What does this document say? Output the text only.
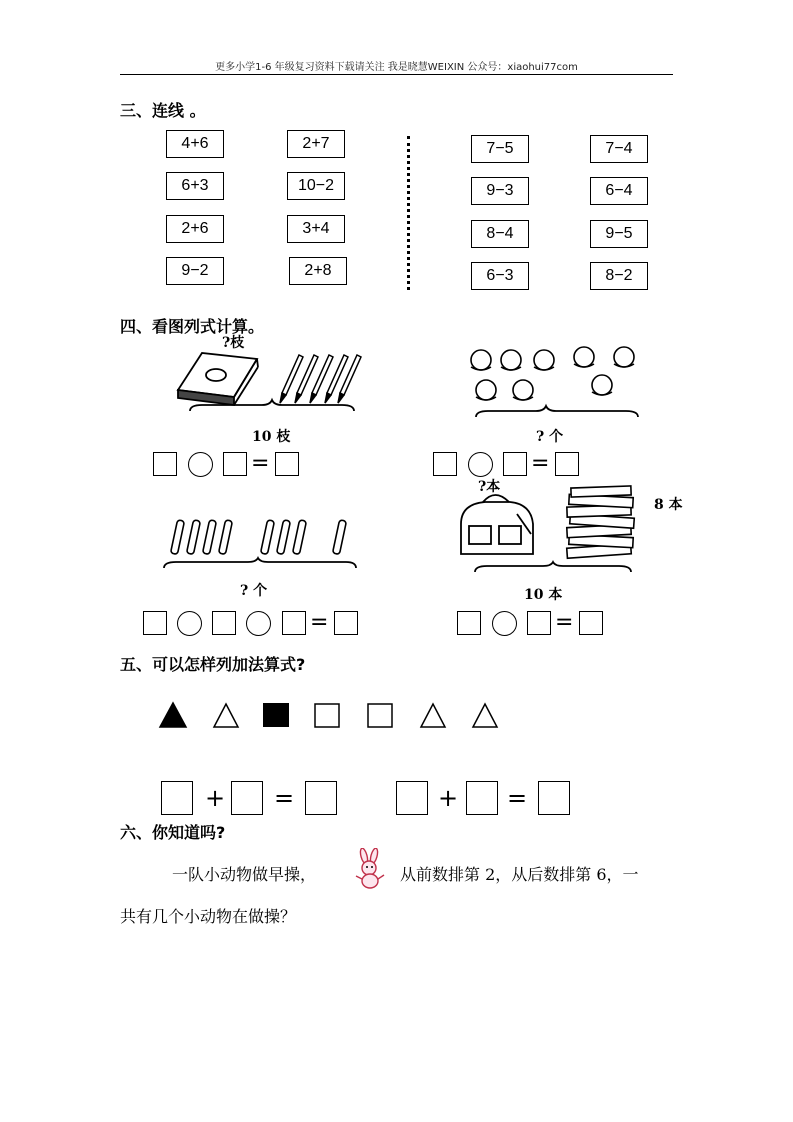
更多小学1-6 年级复习资料下载请关注 我是晓慧WEIXIN 公众号：xiaohui77com
三、连线 。
4+6
6+3
2+6
9−2
2+7
10−2
3+4
2+8
7−5
9−3
8−4
6−3
7−4
6−4
9−5
8−2
四、看图列式计算。
?枝
10 枝
=
? 个
=
? 个
=
?本
8 本
10 本
=
五、可以怎样列加法算式?
+ =	+ =
六、你知道吗?
一队小动物做早操，	从前数排第 2，从后数排第 6，一
共有几个小动物在做操？
